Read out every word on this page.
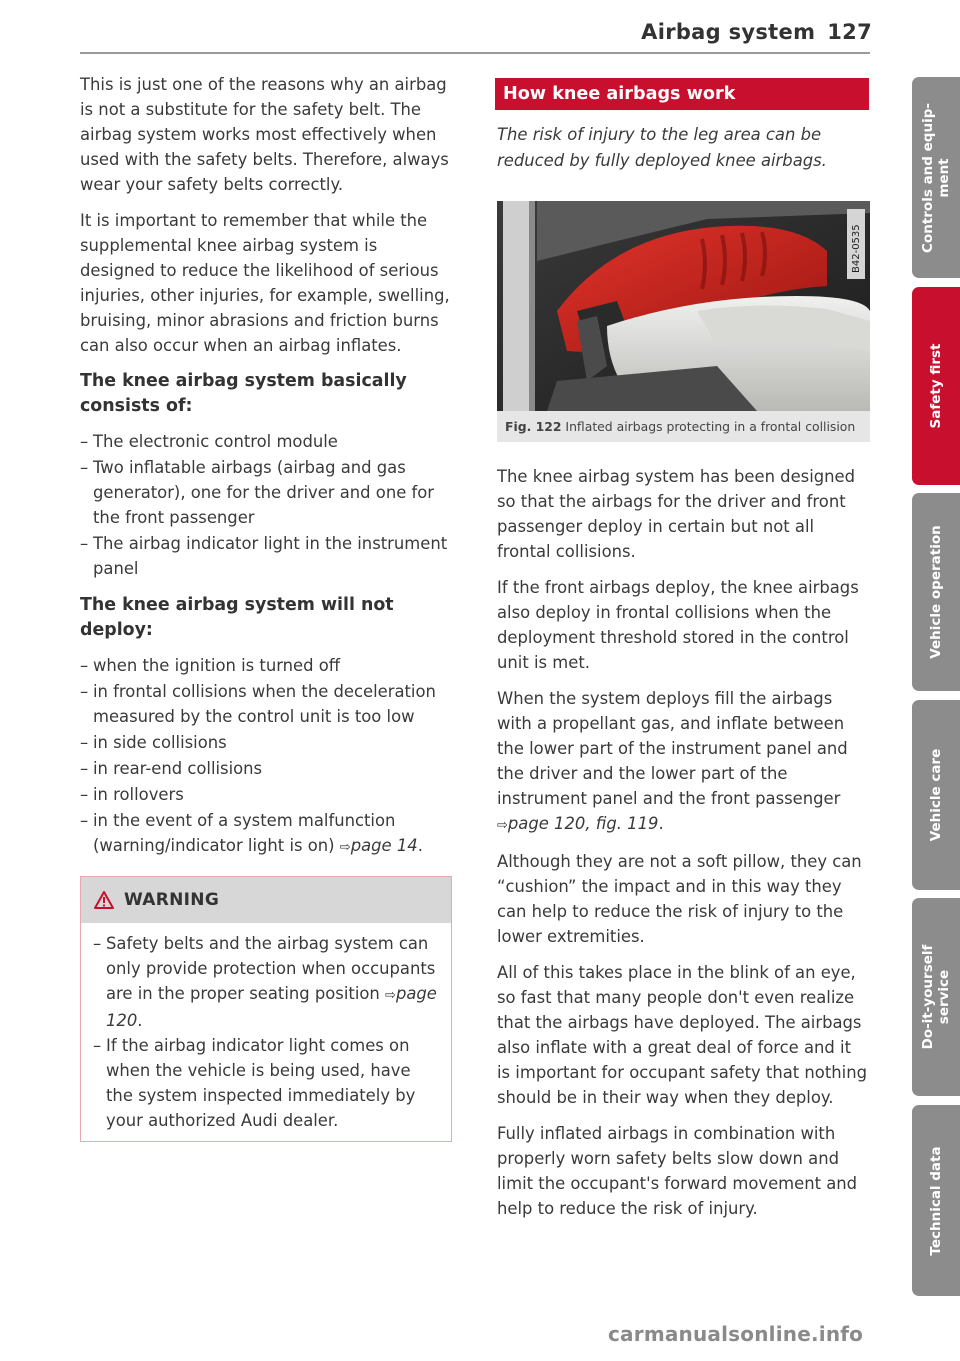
Airbag system 127

This is just one of the reasons why an airbag is not a substitute for the safety belt. The airbag system works most effectively when used with the safety belts. Therefore, always wear your safety belts correctly.

It is important to remember that while the supplemental knee airbag system is designed to reduce the likelihood of serious injuries, other injuries, for example, swelling, bruising, minor abrasions and friction burns can also occur when an airbag inflates.

The knee airbag system basically consists of:
– The electronic control module
– Two inflatable airbags (airbag and gas generator), one for the driver and one for the front passenger
– The airbag indicator light in the instrument panel
The knee airbag system will not deploy:
– when the ignition is turned off
– in frontal collisions when the deceleration measured by the control unit is too low
– in side collisions
– in rear-end collisions
– in rollovers
– in the event of a system malfunction (warning/indicator light is on) ⇨page 14.
WARNING
– Safety belts and the airbag system can only provide protection when occupants are in the proper seating position ⇨page 120.
– If the airbag indicator light comes on when the vehicle is being used, have the system inspected immediately by your authorized Audi dealer.
How knee airbags work

The risk of injury to the leg area can be reduced by fully deployed knee airbags.

B42-0535
Fig. 122 Inflated airbags protecting in a frontal collision

The knee airbag system has been designed so that the airbags for the driver and front passenger deploy in certain but not all frontal collisions.

If the front airbags deploy, the knee airbags also deploy in frontal collisions when the deployment threshold stored in the control unit is met.

When the system deploys fill the airbags with a propellant gas, and inflate between the lower part of the instrument panel and the driver and the lower part of the instrument panel and the front passenger ⇨page 120, fig. 119.

Although they are not a soft pillow, they can “cushion” the impact and in this way they can help to reduce the risk of injury to the lower extremities.

All of this takes place in the blink of an eye, so fast that many people don't even realize that the airbags have deployed. The airbags also inflate with a great deal of force and it is important for occupant safety that nothing should be in their way when they deploy.

Fully inflated airbags in combination with properly worn safety belts slow down and limit the occupant's forward movement and help to reduce the risk of injury.

Controls and equip- ment
Safety first
Vehicle operation
Vehicle care
Do-it-yourself service
Technical data
carmanualsonline.info
